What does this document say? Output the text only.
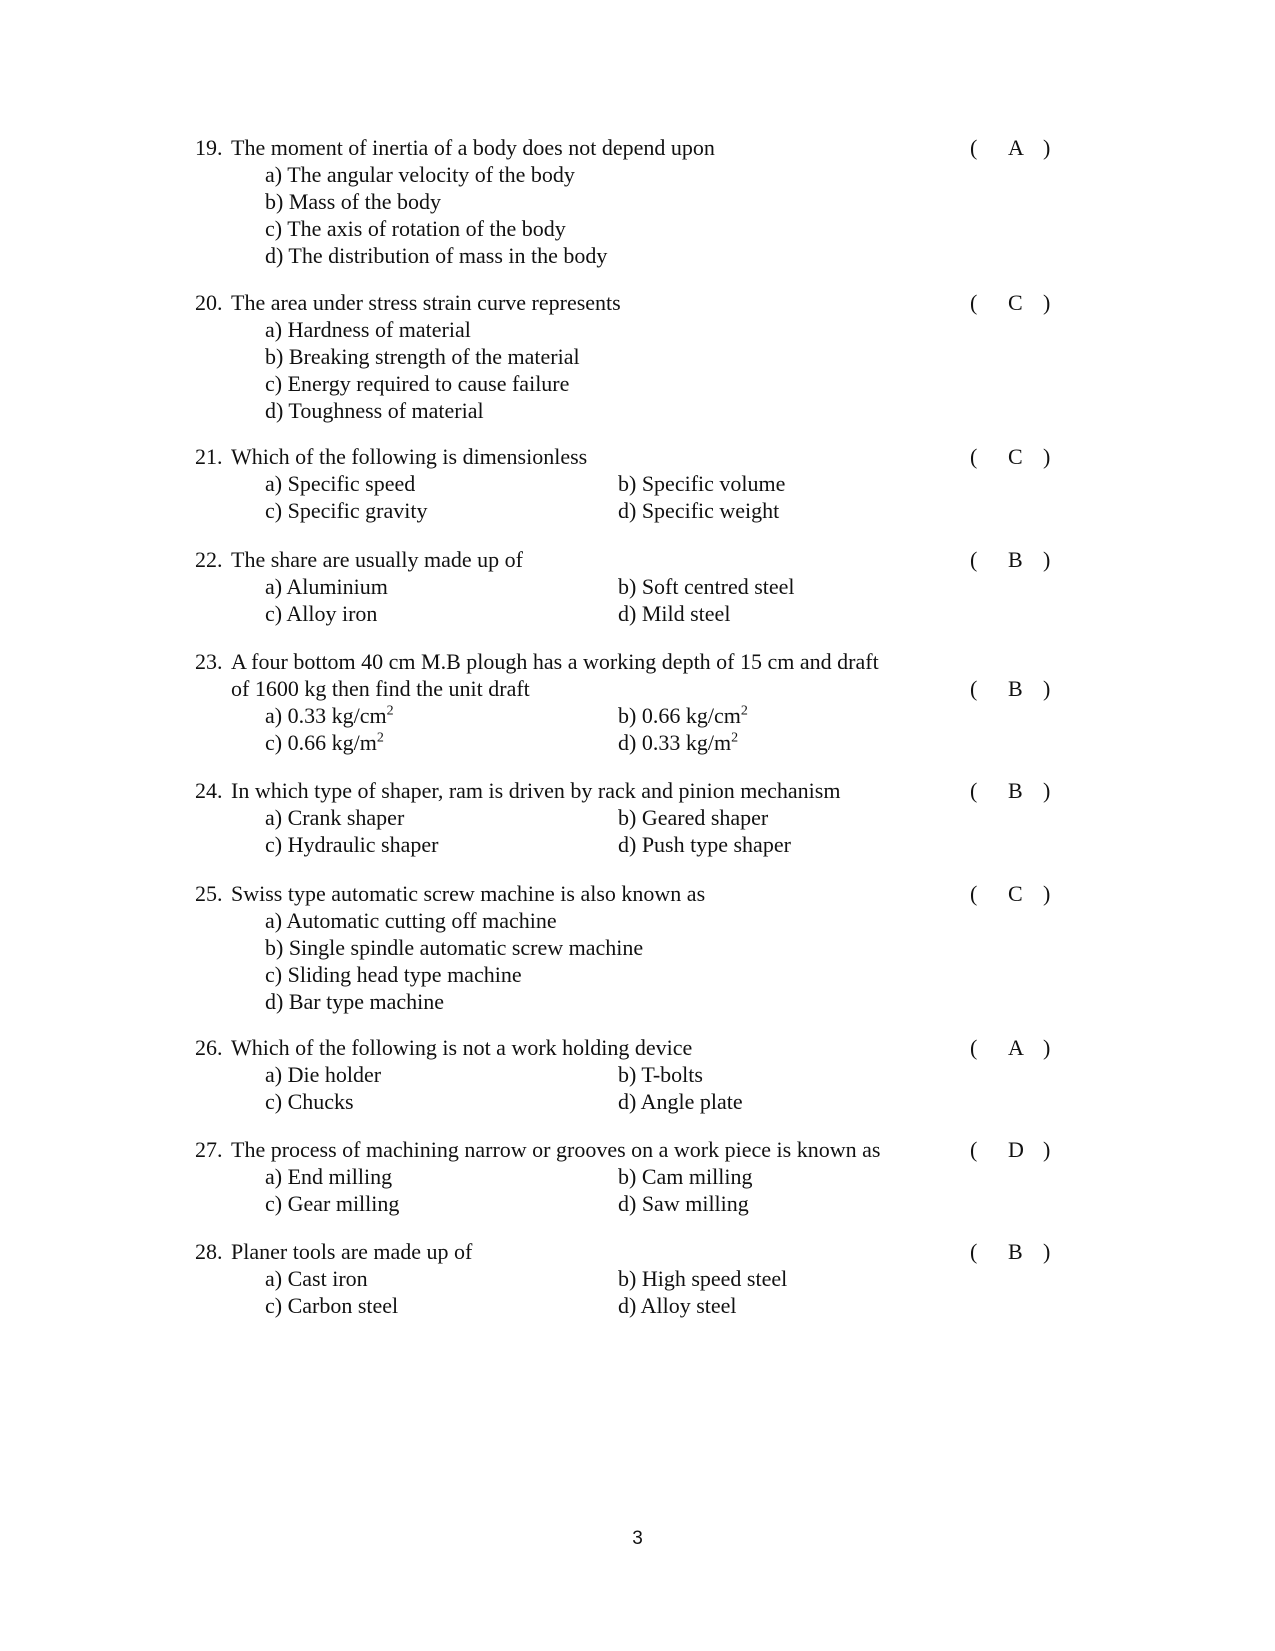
19. The moment of inertia of a body does not depend upon	( A )
a) The angular velocity of the body
b) Mass of the body
c) The axis of rotation of the body
d) The distribution of mass in the body
20. The area under stress strain curve represents	( C )
a) Hardness of material
b) Breaking strength of the material
c) Energy required to cause failure
d) Toughness of material
21. Which of the following is dimensionless	( C )
a) Specific speed	b) Specific volume
c) Specific gravity	d) Specific weight
22. The share are usually made up of	( B )
a) Aluminium	b) Soft centred steel
c) Alloy iron	d) Mild steel
23. A four bottom 40 cm M.B plough has a working depth of 15 cm and draft
of 1600 kg then find the unit draft	( B )
a) 0.33 $kg/cm^2$	b) 0.66 $kg/cm^2$
c) 0.66 $kg/m^2$	d) 0.33 $kg/m^2$
24. In which type of shaper, ram is driven by rack and pinion mechanism	( B )
a) Crank shaper	b) Geared shaper
c) Hydraulic shaper	d) Push type shaper
25. Swiss type automatic screw machine is also known as	( C )
a) Automatic cutting off machine
b) Single spindle automatic screw machine
c) Sliding head type machine
d) Bar type machine
26. Which of the following is not a work holding device	( A )
a) Die holder	b) T-bolts
c) Chucks	d) Angle plate
27. The process of machining narrow or grooves on a work piece is known as	( D )
a) End milling	b) Cam milling
c) Gear milling	d) Saw milling
28. Planer tools are made up of	( B )
a) Cast iron	b) High speed steel
c) Carbon steel	d) Alloy steel
3
